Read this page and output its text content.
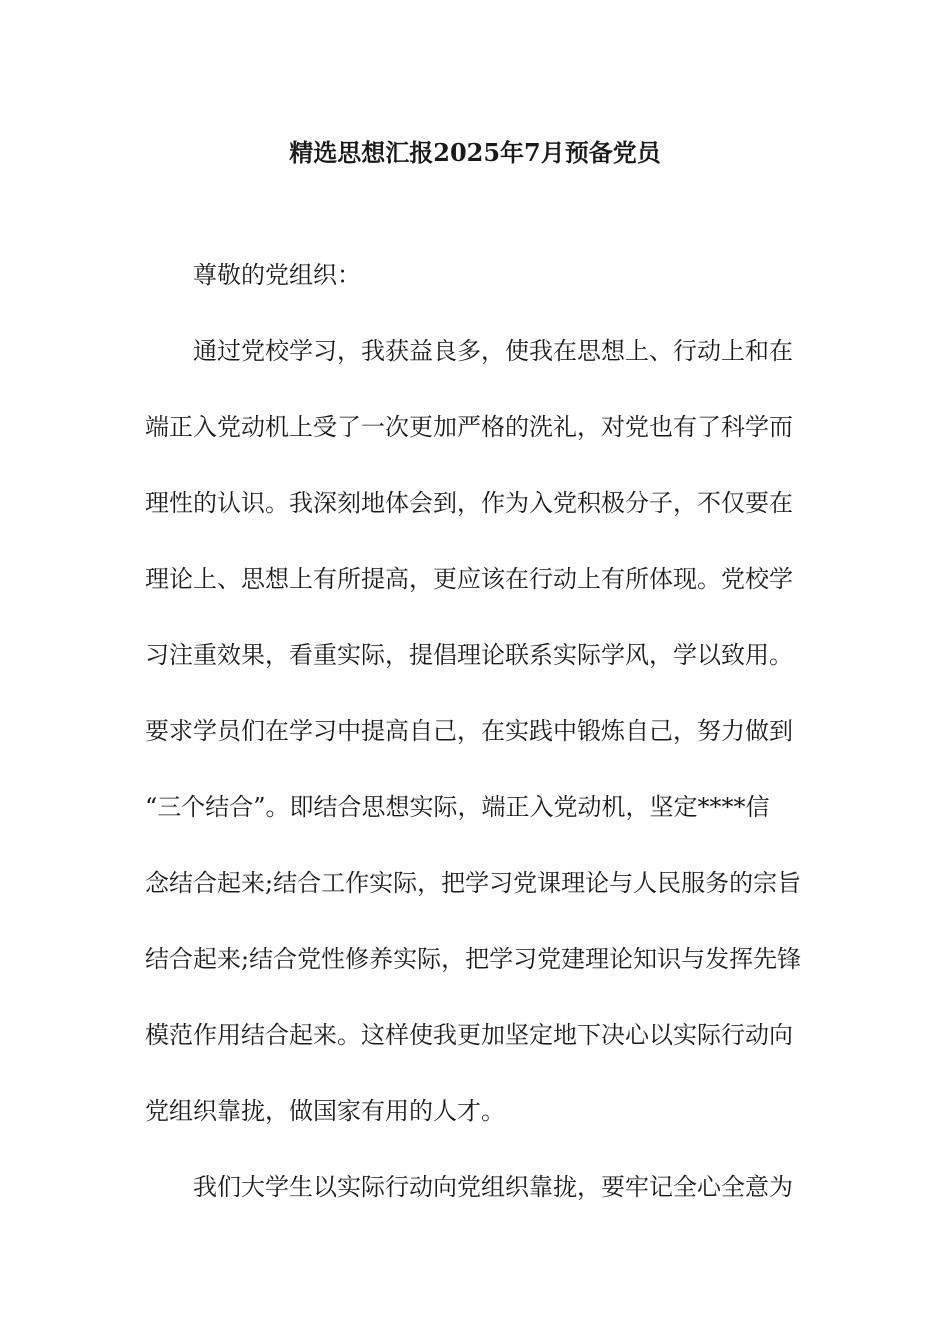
精选思想汇报2025年7月预备党员
尊敬的党组织：
通过党校学习，我获益良多，使我在思想上、行动上和在
端正入党动机上受了一次更加严格的洗礼，对党也有了科学而
理性的认识。我深刻地体会到，作为入党积极分子，不仅要在
理论上、思想上有所提高，更应该在行动上有所体现。党校学
习注重效果，看重实际，提倡理论联系实际学风，学以致用。
要求学员们在学习中提高自己，在实践中锻炼自己，努力做到
“三个结合”。即结合思想实际，端正入党动机，坚定****信
念结合起来;结合工作实际，把学习党课理论与人民服务的宗旨
结合起来;结合党性修养实际，把学习党建理论知识与发挥先锋
模范作用结合起来。这样使我更加坚定地下决心以实际行动向
党组织靠拢，做国家有用的人才。
我们大学生以实际行动向党组织靠拢，要牢记全心全意为
